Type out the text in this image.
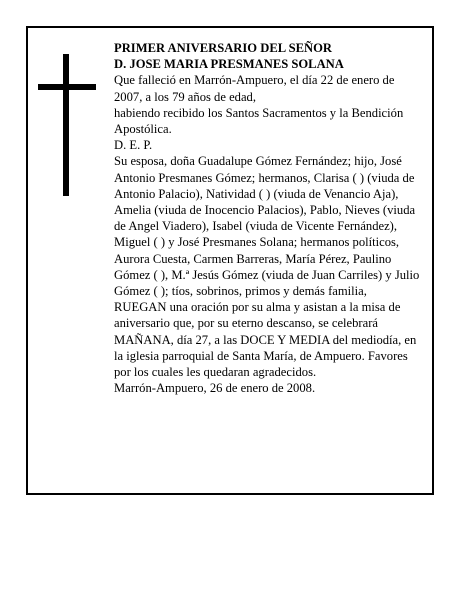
PRIMER ANIVERSARIO DEL SEÑOR

D. JOSE MARIA PRESMANES SOLANA

Que falleció en Marrón-Ampuero, el día 22 de enero de 2007, a los 79 años de edad,

habiendo recibido los Santos Sacramentos y la Bendición Apostólica.

D. E. P.

Su esposa, doña Guadalupe Gómez Fernández; hijo, José Antonio Presmanes Gómez; hermanos, Clarisa ( ) (viuda de Antonio Palacio), Natividad ( ) (viuda de Venancio Aja), Amelia (viuda de Inocencio Palacios), Pablo, Nieves (viuda de Angel Viadero), Isabel (viuda de Vicente Fernández), Miguel ( ) y José Presmanes Solana; hermanos políticos, Aurora Cuesta, Carmen Barreras, María Pérez, Paulino Gómez ( ), M.ª Jesús Gómez (viuda de Juan Carriles) y Julio Gómez ( ); tíos, sobrinos, primos y demás familia,

RUEGAN una oración por su alma y asistan a la misa de aniversario que, por su eterno descanso, se celebrará MAÑANA, día 27, a las DOCE Y MEDIA del mediodía, en la iglesia parroquial de Santa María, de Ampuero. Favores por los cuales les quedaran agradecidos.

Marrón-Ampuero, 26 de enero de 2008.
